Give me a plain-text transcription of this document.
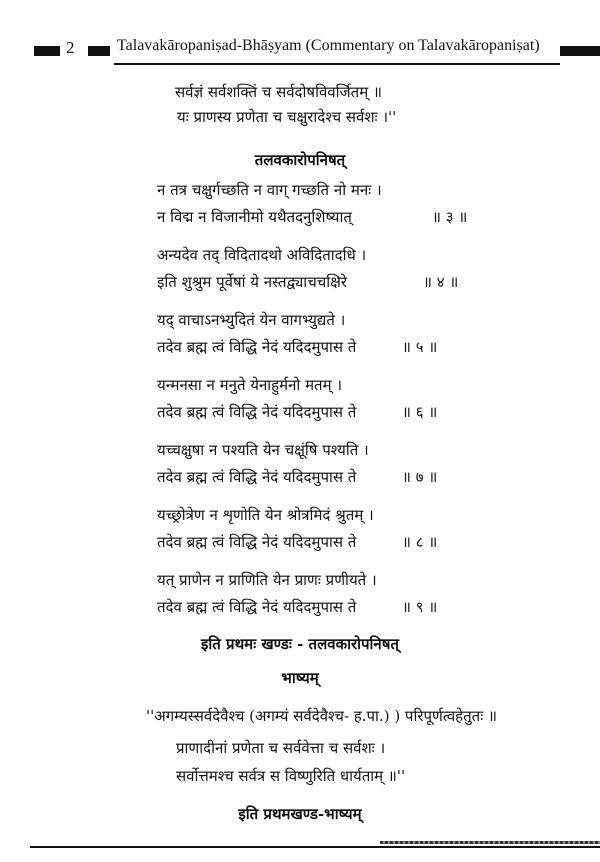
2	Talavakāropaniṣad-Bhāṣyam (Commentary on Talavakāropaniṣat)
सर्वज्ञं सर्वशक्तिं च सर्वदोषविवर्जितम् ॥
यः प्राणस्य प्रणेता च चक्षुरादेश्च सर्वशः ।''
तलवकारोपनिषत्
न तत्र चक्षुर्गच्छति न वाग् गच्छति नो मनः ।
न विद्म न विजानीमो यथैतदनुशिष्यात्	॥ ३ ॥
अन्यदेव तद् विदितादथो अविदितादधि ।
इति शुश्रुम पूर्वेषां ये नस्तद्व्याचचक्षिरे	॥ ४ ॥
यद् वाचाऽनभ्युदितं येन वागभ्युद्यते ।
तदेव ब्रह्म त्वं विद्धि नेदं यदिदमुपास ते	॥ ५ ॥
यन्मनसा न मनुते येनाहुर्मनो मतम् ।
तदेव ब्रह्म त्वं विद्धि नेदं यदिदमुपास ते	॥ ६ ॥
यच्चक्षुषा न पश्यति येन चक्षूंषि पश्यति ।
तदेव ब्रह्म त्वं विद्धि नेदं यदिदमुपास ते	॥ ७ ॥
यच्छ्रोत्रेण न शृणोति येन श्रोत्रमिदं श्रुतम् ।
तदेव ब्रह्म त्वं विद्धि नेदं यदिदमुपास ते	॥ ८ ॥
यत् प्राणेन न प्राणिति येन प्राणः प्रणीयते ।
तदेव ब्रह्म त्वं विद्धि नेदं यदिदमुपास ते	॥ ९ ॥
इति प्रथमः खण्डः - तलवकारोपनिषत्
भाष्यम्
''अगम्यस्सर्वदेवैश्च (अगम्यं सर्वदेवैश्च- ह.पा.) ) परिपूर्णत्वहेतुतः ॥
प्राणादीनां प्रणेता च सर्ववेत्ता च सर्वशः ।
सर्वोत्तमश्च सर्वत्र स विष्णुरिति धार्यताम् ॥''
इति प्रथमखण्ड-भाष्यम्
